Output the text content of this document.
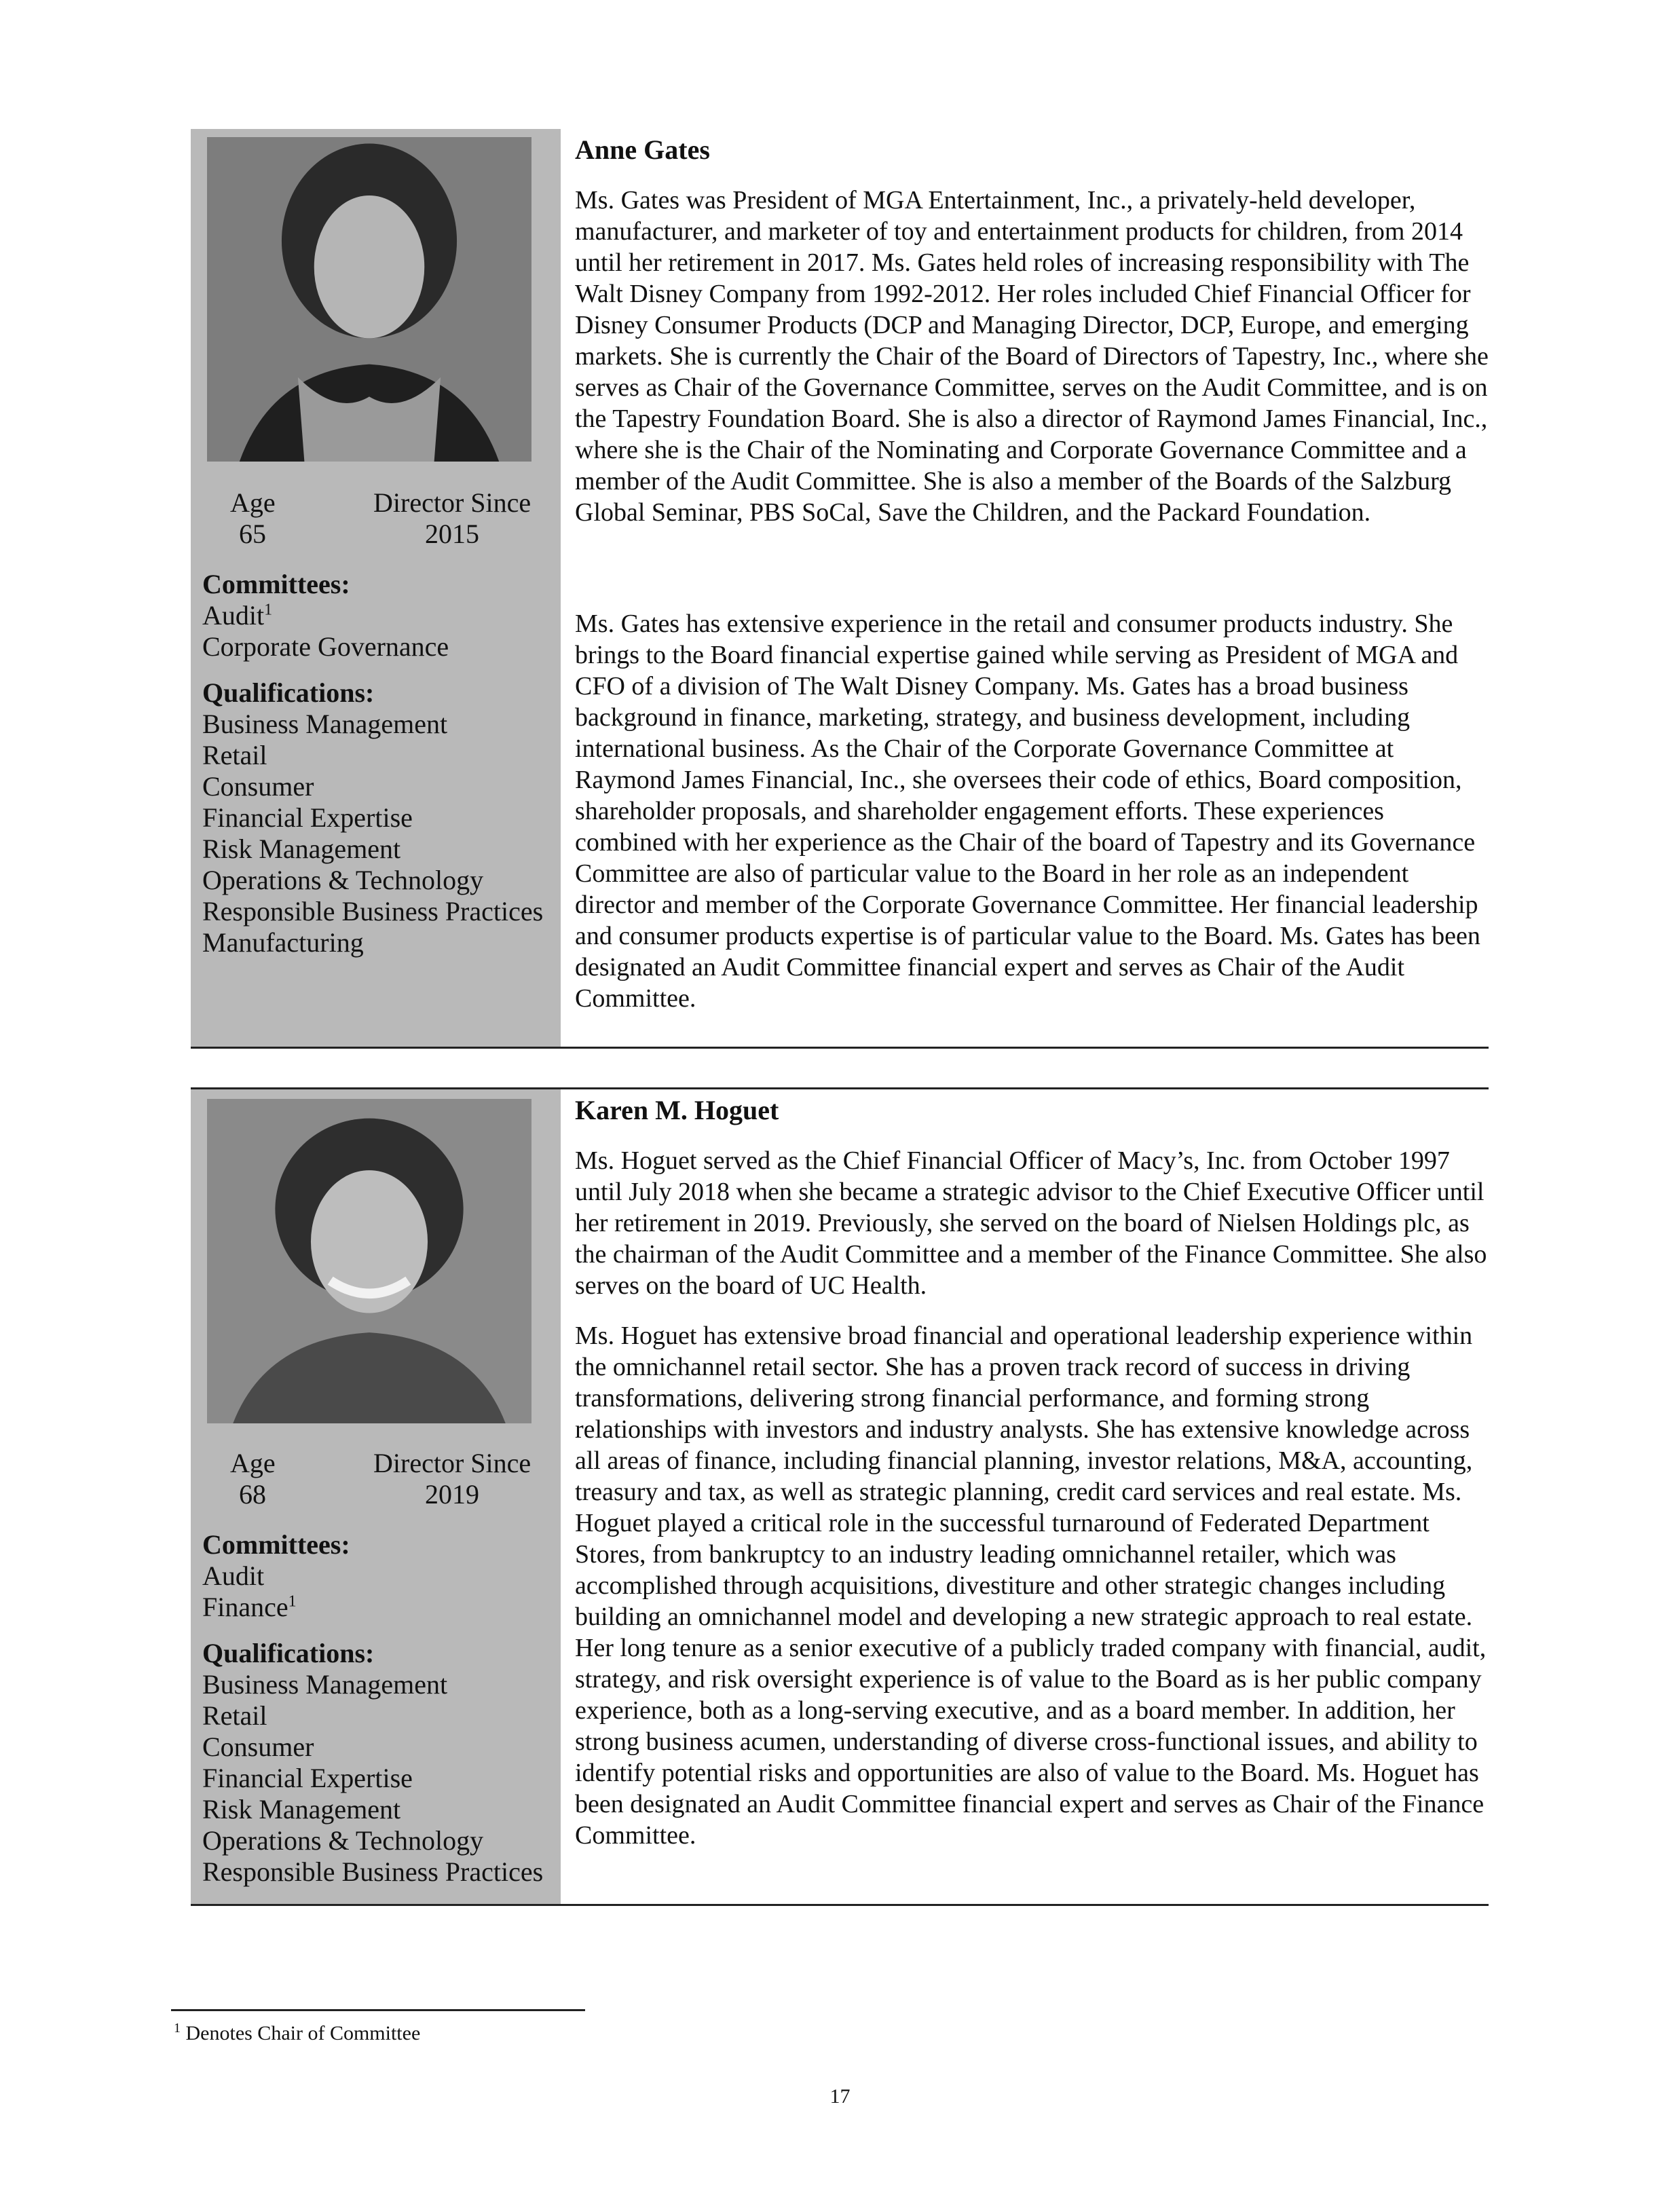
Age	Director Since
65	2015
Committees:
Audit$^1$
Corporate Governance
Qualifications:
Business Management
Retail
Consumer
Financial Expertise
Risk Management
Operations & Technology
Responsible Business Practices
Manufacturing
Anne Gates

Ms. Gates was President of MGA Entertainment, Inc., a privately-held developer, manufacturer, and marketer of toy and entertainment products for children, from 2014 until her retirement in 2017. Ms. Gates held roles of increasing responsibility with The Walt Disney Company from 1992-2012. Her roles included Chief Financial Officer for Disney Consumer Products (DCP and Managing Director, DCP, Europe, and emerging markets. She is currently the Chair of the Board of Directors of Tapestry, Inc., where she serves as Chair of the Governance Committee, serves on the Audit Committee, and is on the Tapestry Foundation Board. She is also a director of Raymond James Financial, Inc., where she is the Chair of the Nominating and Corporate Governance Committee and a member of the Audit Committee. She is also a member of the Boards of the Salzburg Global Seminar, PBS SoCal, Save the Children, and the Packard Foundation.

Ms. Gates has extensive experience in the retail and consumer products industry. She brings to the Board financial expertise gained while serving as President of MGA and CFO of a division of The Walt Disney Company. Ms. Gates has a broad business background in finance, marketing, strategy, and business development, including international business. As the Chair of the Corporate Governance Committee at Raymond James Financial, Inc., she oversees their code of ethics, Board composition, shareholder proposals, and shareholder engagement efforts. These experiences combined with her experience as the Chair of the board of Tapestry and its Governance Committee are also of particular value to the Board in her role as an independent director and member of the Corporate Governance Committee. Her financial leadership and consumer products expertise is of particular value to the Board. Ms. Gates has been designated an Audit Committee financial expert and serves as Chair of the Audit Committee.

Age	Director Since
68	2019
Committees:
Audit
Finance$^1$
Qualifications:
Business Management
Retail
Consumer
Financial Expertise
Risk Management
Operations & Technology
Responsible Business Practices
Karen M. Hoguet

Ms. Hoguet served as the Chief Financial Officer of Macy’s, Inc. from October 1997 until July 2018 when she became a strategic advisor to the Chief Executive Officer until her retirement in 2019. Previously, she served on the board of Nielsen Holdings plc, as the chairman of the Audit Committee and a member of the Finance Committee. She also serves on the board of UC Health.

Ms. Hoguet has extensive broad financial and operational leadership experience within the omnichannel retail sector. She has a proven track record of success in driving transformations, delivering strong financial performance, and forming strong relationships with investors and industry analysts. She has extensive knowledge across all areas of finance, including financial planning, investor relations, M&A, accounting, treasury and tax, as well as strategic planning, credit card services and real estate. Ms. Hoguet played a critical role in the successful turnaround of Federated Department Stores, from bankruptcy to an industry leading omnichannel retailer, which was accomplished through acquisitions, divestiture and other strategic changes including building an omnichannel model and developing a new strategic approach to real estate. Her long tenure as a senior executive of a publicly traded company with financial, audit, strategy, and risk oversight experience is of value to the Board as is her public company experience, both as a long-serving executive, and as a board member. In addition, her strong business acumen, understanding of diverse cross-functional issues, and ability to identify potential risks and opportunities are also of value to the Board. Ms. Hoguet has been designated an Audit Committee financial expert and serves as Chair of the Finance Committee.

$^1$ Denotes Chair of Committee
17
